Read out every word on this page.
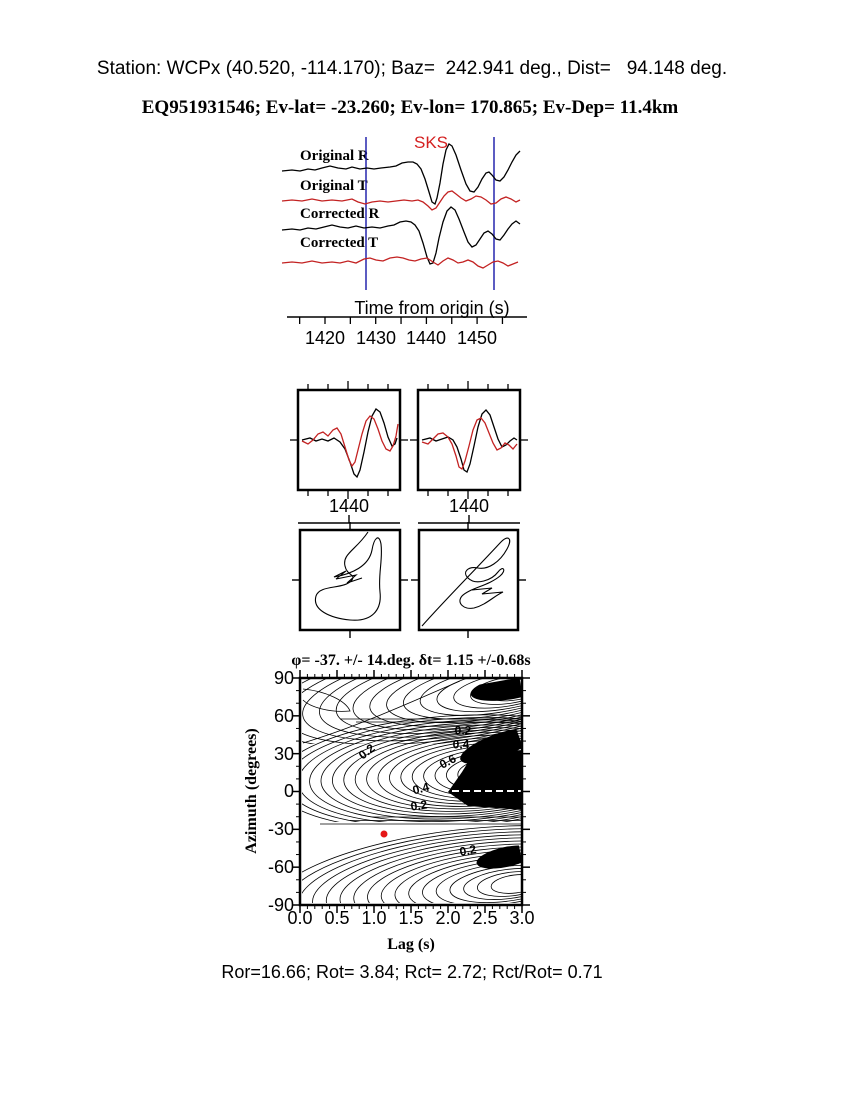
Station: WCPx (40.520, -114.170); Baz=  242.941 deg., Dist=   94.148 deg.
EQ951931546; Ev-lat= -23.260; Ev-lon= 170.865; Ev-Dep= 11.4km
SKS
Original R
Original T
Corrected R
Corrected T
Time from origin (s)
1420 1430 1440 1450
1440	1440
φ= -37. +/- 14.deg. δt= 1.15 +/-0.68s
Azimuth (degrees)
90
60
30
0
-30
-60
-90
0.0 0.5 1.0 1.5 2.0 2.5 3.0
Lag (s)
0.2
0.2
0.4
0.6
0.4
0.2
0.2
Ror=16.66; Rot= 3.84; Rct= 2.72; Rct/Rot= 0.71
